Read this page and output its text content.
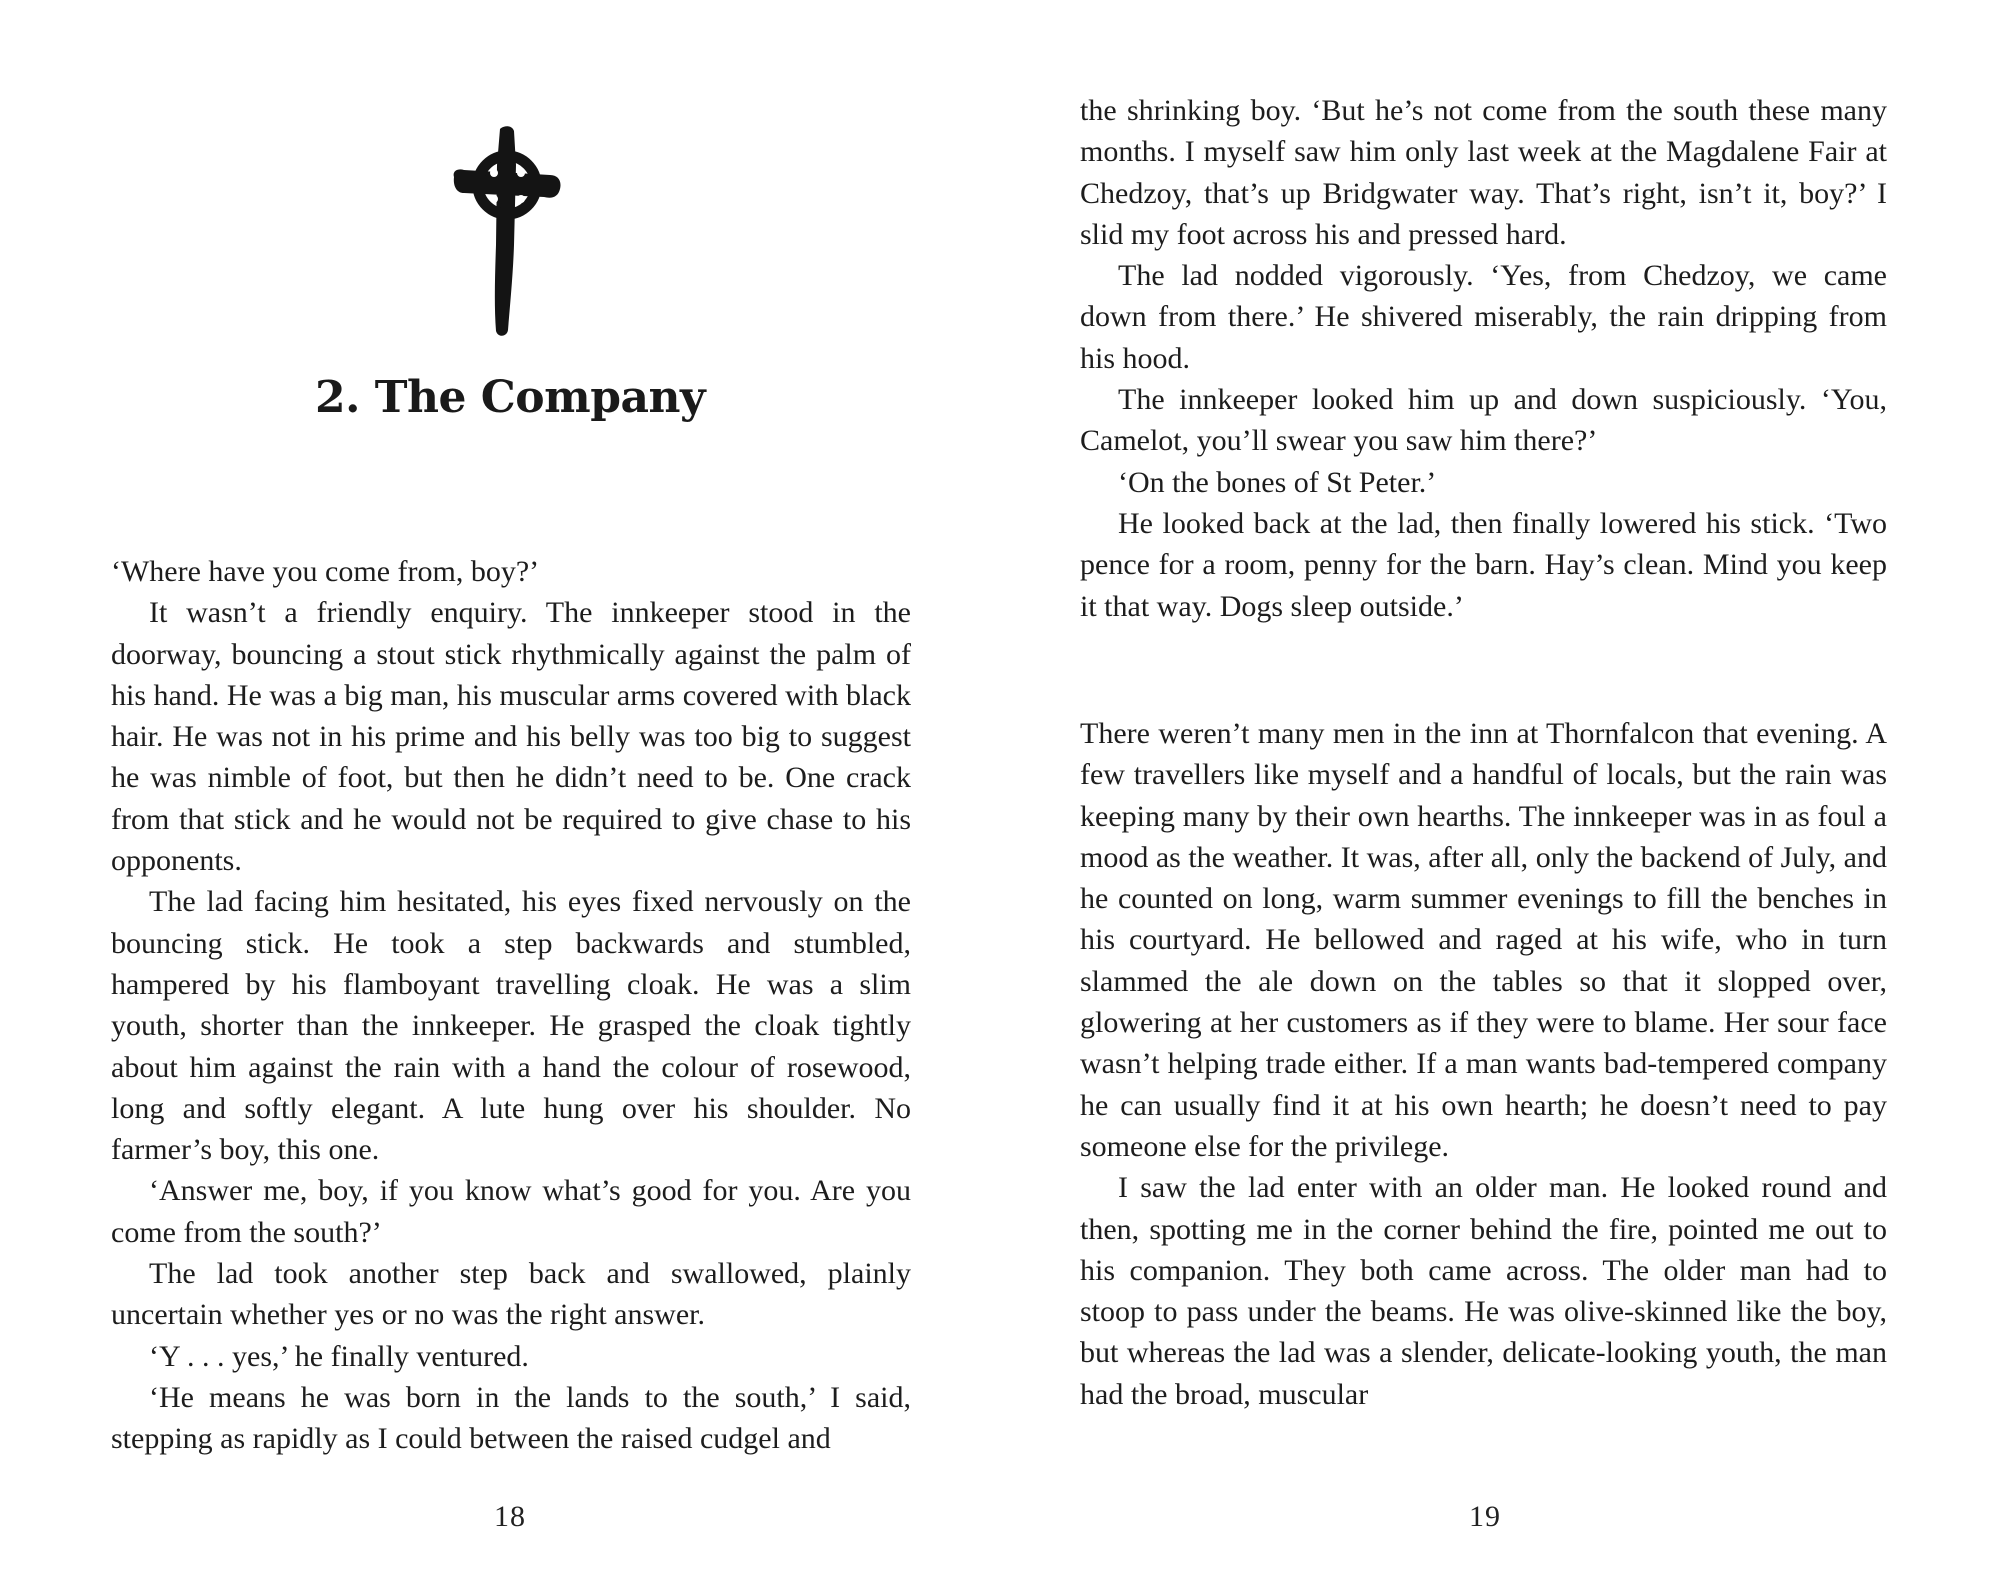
2. The Company

‘Where have you come from, boy?’

It wasn’t a friendly enquiry. The innkeeper stood in the doorway, bouncing a stout stick rhythmically against the palm of his hand. He was a big man, his muscular arms covered with black hair. He was not in his prime and his belly was too big to suggest he was nimble of foot, but then he didn’t need to be. One crack from that stick and he would not be required to give chase to his opponents.

The lad facing him hesitated, his eyes fixed nervously on the bouncing stick. He took a step backwards and stumbled, hampered by his flamboyant travelling cloak. He was a slim youth, shorter than the innkeeper. He grasped the cloak tightly about him against the rain with a hand the colour of rosewood, long and softly elegant. A lute hung over his shoulder. No farmer’s boy, this one.

‘Answer me, boy, if you know what’s good for you. Are you come from the south?’

The lad took another step back and swallowed, plainly uncertain whether yes or no was the right answer.

‘Y . . . yes,’ he finally ventured.

‘He means he was born in the lands to the south,’ I said, stepping as rapidly as I could between the raised cudgel and

18

the shrinking boy. ‘But he’s not come from the south these many months. I myself saw him only last week at the Magdalene Fair at Chedzoy, that’s up Bridgwater way. That’s right, isn’t it, boy?’ I slid my foot across his and pressed hard.

The lad nodded vigorously. ‘Yes, from Chedzoy, we came down from there.’ He shivered miserably, the rain dripping from his hood.

The innkeeper looked him up and down suspiciously. ‘You, Camelot, you’ll swear you saw him there?’

‘On the bones of St Peter.’

He looked back at the lad, then finally lowered his stick. ‘Two pence for a room, penny for the barn. Hay’s clean. Mind you keep it that way. Dogs sleep outside.’

There weren’t many men in the inn at Thornfalcon that evening. A few travellers like myself and a handful of locals, but the rain was keeping many by their own hearths. The innkeeper was in as foul a mood as the weather. It was, after all, only the backend of July, and he counted on long, warm summer evenings to fill the benches in his courtyard. He bellowed and raged at his wife, who in turn slammed the ale down on the tables so that it slopped over, glowering at her customers as if they were to blame. Her sour face wasn’t helping trade either. If a man wants bad-tempered company he can usually find it at his own hearth; he doesn’t need to pay someone else for the privilege.

I saw the lad enter with an older man. He looked round and then, spotting me in the corner behind the fire, pointed me out to his companion. They both came across. The older man had to stoop to pass under the beams. He was olive-skinned like the boy, but whereas the lad was a slender, delicate-looking youth, the man had the broad, muscular

19
